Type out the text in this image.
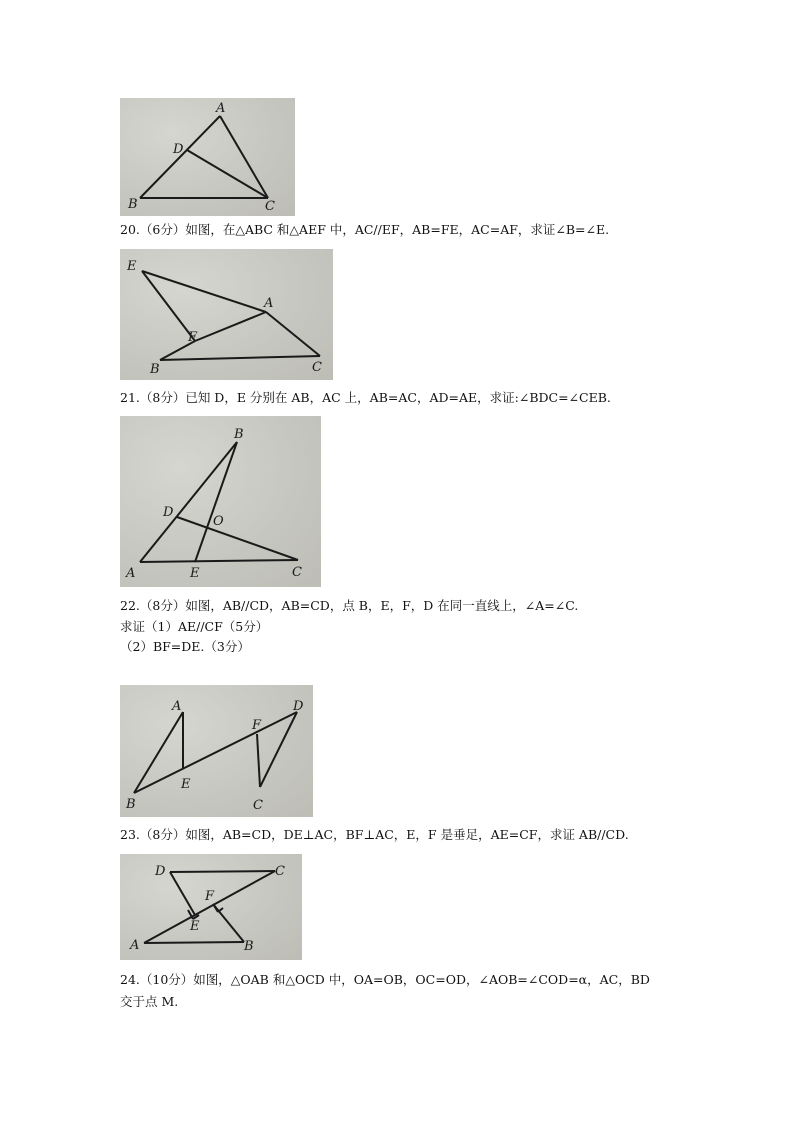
A
D
B	C
20.（6分）如图，在△ABC 和△AEF 中，AC//EF，AB=FE，AC=AF，求证∠B=∠E.
E
A
F
B	C
21.（8分）已知 D，E 分别在 AB，AC 上，AB=AC，AD=AE，求证:∠BDC=∠CEB.
B
D
O
A	E	C
22.（8分）如图，AB//CD，AB=CD，点 B，E，F，D 在同一直线上，∠A=∠C.
求证（1）AE//CF（5分）
（2）BF=DE.（3分）
A
F
D
E
B	C
23.（8分）如图，AB=CD，DE⊥AC，BF⊥AC，E，F 是垂足，AE=CF，求证 AB//CD.
D	C
F
E
A	B
24.（10分）如图，△OAB 和△OCD 中，OA=OB，OC=OD，∠AOB=∠COD=α，AC，BD
交于点 M.
